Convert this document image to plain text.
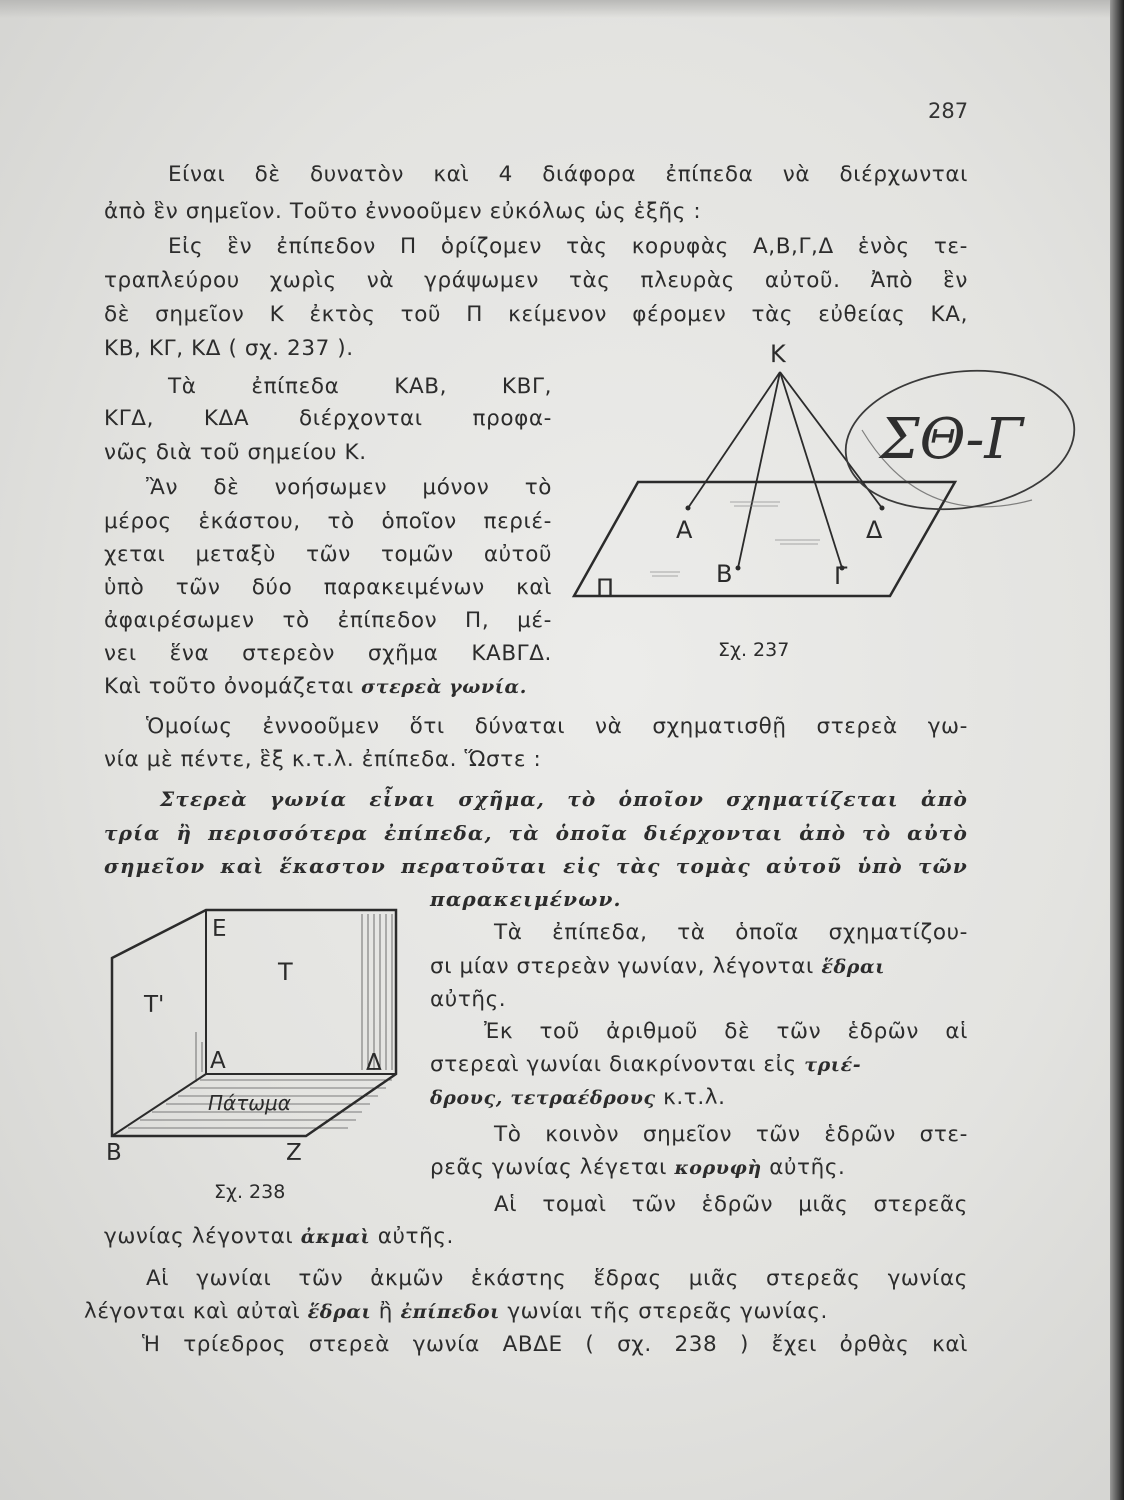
287
Είναι δὲ δυνατὸν καὶ 4 διάφορα ἐπίπεδα νὰ διέρχωνται
ἀπὸ ἓν σημεῖον. Τοῦτο ἐννοοῦμεν εὐκόλως ὡς ἑξῆς :
Εἰς ἓν ἐπίπεδον Π ὁρίζομεν τὰς κορυφὰς Α,Β,Γ,Δ ἑνὸς τε-
τραπλεύρου χωρὶς νὰ γράψωμεν τὰς πλευρὰς αὐτοῦ. Ἀπὸ ἓν
δὲ σημεῖον Κ ἐκτὸς τοῦ Π κείμενον φέρομεν τὰς εὐθείας ΚΑ,
ΚΒ, ΚΓ, ΚΔ ( σχ. 237 ).
Τὰ ἐπίπεδα ΚΑΒ, ΚΒΓ,
ΚΓΔ, ΚΔΑ διέρχονται προφα-
νῶς διὰ τοῦ σημείου Κ.
Ἂν δὲ νοήσωμεν μόνον τὸ
μέρος ἑκάστου, τὸ ὁποῖον περιέ-
χεται μεταξὺ τῶν τομῶν αὐτοῦ
ὑπὸ τῶν δύο παρακειμένων καὶ
ἀφαιρέσωμεν τὸ ἐπίπεδον Π, μέ-
νει ἕνα στερεὸν σχῆμα ΚΑΒΓΔ.
Καὶ τοῦτο ὀνομάζεται στερεὰ γωνία.
Ὁμοίως ἐννοοῦμεν ὅτι δύναται νὰ σχηματισθῇ στερεὰ γω-
νία μὲ πέντε, ἓξ κ.τ.λ. ἐπίπεδα. Ὥστε :
Στερεὰ γωνία εἶναι σχῆμα, τὸ ὁποῖον σχηματίζεται ἀπὸ
τρία ἢ περισσότερα ἐπίπεδα, τὰ ὁποῖα διέρχονται ἀπὸ τὸ αὐτὸ
σημεῖον καὶ ἕκαστον περατοῦται εἰς τὰς τομὰς αὐτοῦ ὑπὸ τῶν
παρακειμένων.
Τὰ ἐπίπεδα, τὰ ὁποῖα σχηματίζου-
σι μίαν στερεὰν γωνίαν, λέγονται ἕδραι
αὐτῆς.
Ἐκ τοῦ ἀριθμοῦ δὲ τῶν ἑδρῶν αἱ
στερεαὶ γωνίαι διακρίνονται εἰς τριέ-
δρους, τετραέδρους κ.τ.λ.
Τὸ κοινὸν σημεῖον τῶν ἑδρῶν στε-
ρεᾶς γωνίας λέγεται κορυφὴ αὐτῆς.
Αἱ τομαὶ τῶν ἑδρῶν μιᾶς στερεᾶς
γωνίας λέγονται ἀκμαὶ αὐτῆς.
Αἱ γωνίαι τῶν ἀκμῶν ἑκάστης ἕδρας μιᾶς στερεᾶς γωνίας
λέγονται καὶ αὐταὶ ἕδραι ἢ ἐπίπεδοι γωνίαι τῆς στερεᾶς γωνίας.
Ἡ τρίεδρος στερεὰ γωνία ΑΒΔΕ ( σχ. 238 ) ἔχει ὀρθὰς καὶ
Κ
Α	Δ
Β	Γ
Π
Σχ. 237
ΣΘ-Γ
Ε
Τ
Τ'
Α	Δ
Πάτωμα
Β	Ζ
Σχ. 238
